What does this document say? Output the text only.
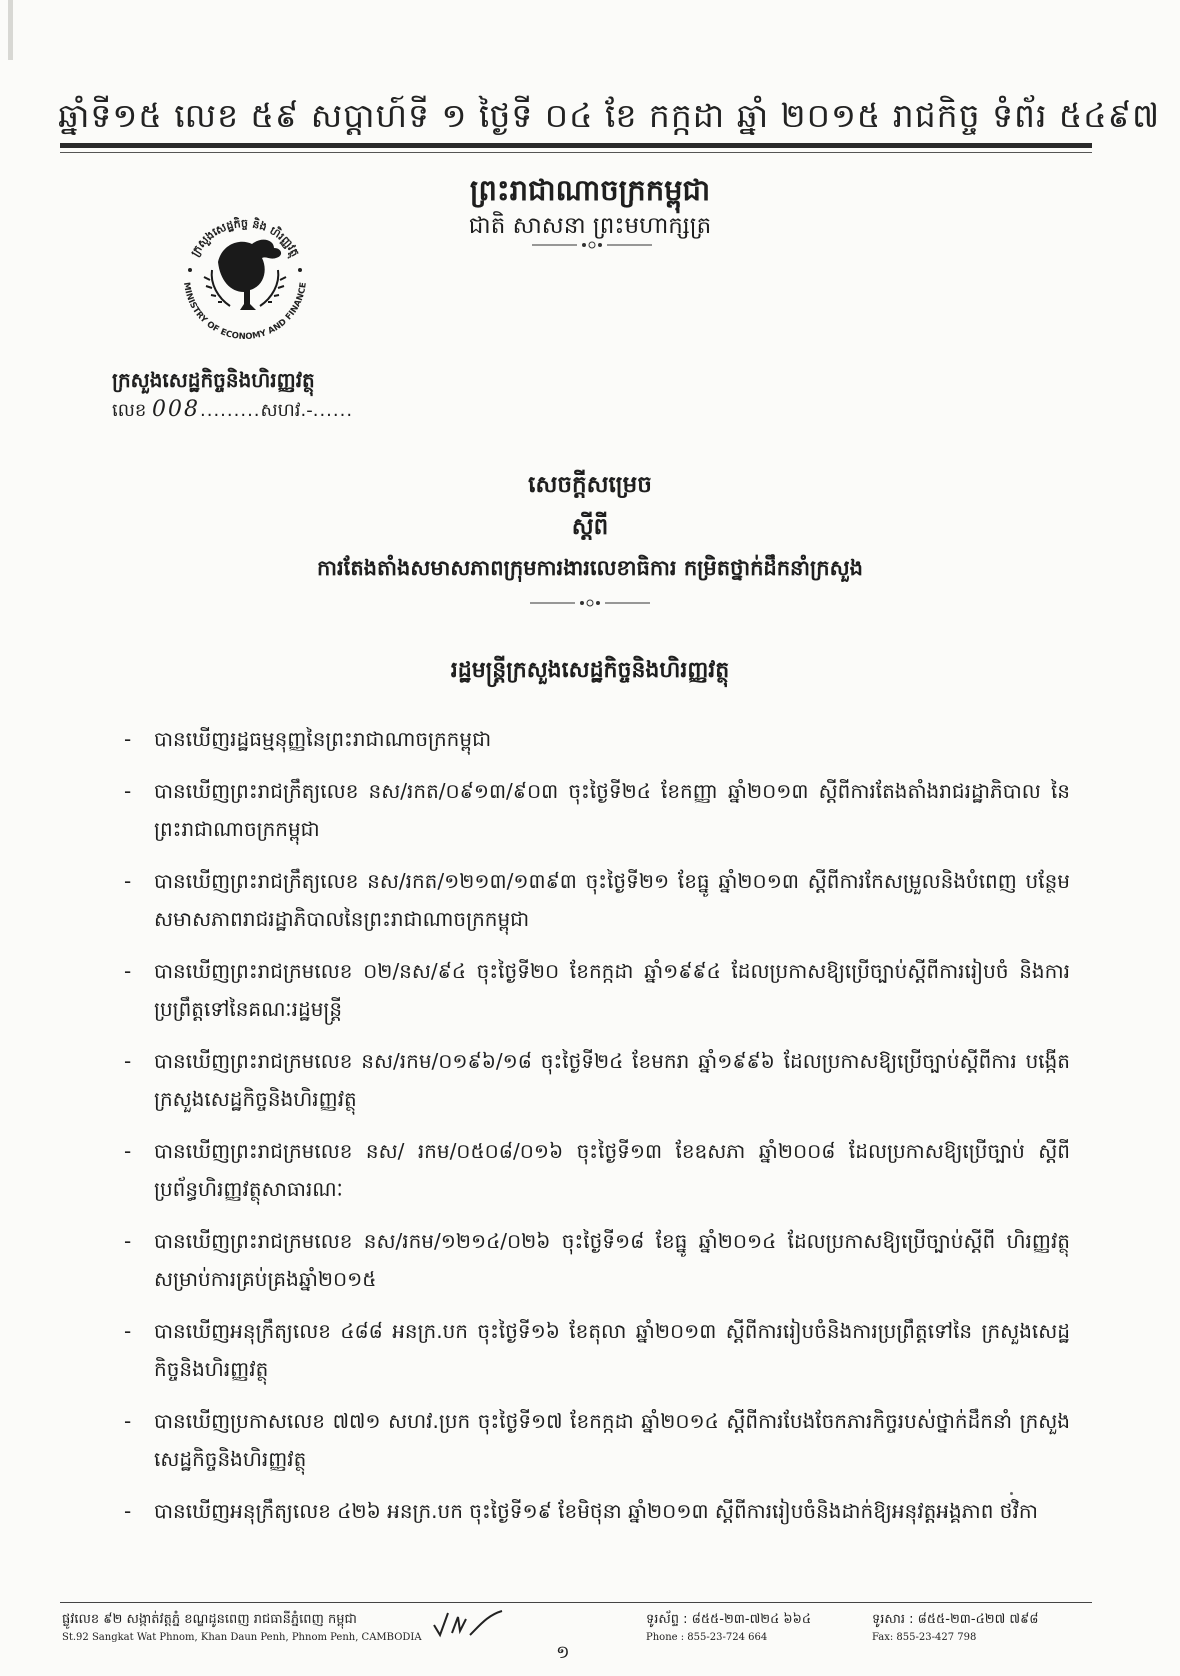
ឆ្នាំទី១៥ លេខ ៥៩ សប្តាហ៍ទី ១ ថ្ងៃទី ០៤ ខែ កក្កដា ឆ្នាំ ២០១៥ រាជកិច្ច ទំព័រ ៥៤៩៧
ព្រះរាជាណាចក្រកម្ពុជា
ជាតិ សាសនា ព្រះមហាក្សត្រ
ក្រសួងសេដ្ឋកិច្ច និង ហិរញ្ញវត្ថុ
MINISTRY OF ECONOMY AND FINANCE
ក្រសួងសេដ្ឋកិច្ចនិងហិរញ្ញវត្ថុ
លេខ 008.........សហវ.-......
សេចក្តីសម្រេច
ស្តីពី
ការតែងតាំងសមាសភាពក្រុមការងារលេខាធិការ កម្រិតថ្នាក់ដឹកនាំក្រសួង
រដ្ឋមន្ត្រីក្រសួងសេដ្ឋកិច្ចនិងហិរញ្ញវត្ថុ
- បានឃើញរដ្ឋធម្មនុញ្ញនៃព្រះរាជាណាចក្រកម្ពុជា
- បានឃើញព្រះរាជក្រឹត្យលេខ នស/រកត/០៩១៣/៩០៣ ចុះថ្ងៃទី២៤ ខែកញ្ញា ឆ្នាំ២០១៣ ស្តីពីការតែងតាំងរាជរដ្ឋាភិបាល នៃព្រះរាជាណាចក្រកម្ពុជា
- បានឃើញព្រះរាជក្រឹត្យលេខ នស/រកត/១២១៣/១៣៩៣ ចុះថ្ងៃទី២១ ខែធ្នូ ឆ្នាំ២០១៣ ស្តីពីការកែសម្រួលនិងបំពេញ បន្ថែមសមាសភាពរាជរដ្ឋាភិបាលនៃព្រះរាជាណាចក្រកម្ពុជា
- បានឃើញព្រះរាជក្រមលេខ ០២/នស/៩៤ ចុះថ្ងៃទី២០ ខែកក្កដា ឆ្នាំ១៩៩៤ ដែលប្រកាសឱ្យប្រើច្បាប់ស្តីពីការរៀបចំ និងការប្រព្រឹត្តទៅនៃគណៈរដ្ឋមន្ត្រី
- បានឃើញព្រះរាជក្រមលេខ នស/រកម/០១៩៦/១៨ ចុះថ្ងៃទី២៤ ខែមករា ឆ្នាំ១៩៩៦ ដែលប្រកាសឱ្យប្រើច្បាប់ស្តីពីការ បង្កើតក្រសួងសេដ្ឋកិច្ចនិងហិរញ្ញវត្ថុ
- បានឃើញព្រះរាជក្រមលេខ នស/ រកម/០៥០៨/០១៦ ចុះថ្ងៃទី១៣ ខែឧសភា ឆ្នាំ២០០៨ ដែលប្រកាសឱ្យប្រើច្បាប់ ស្តីពីប្រព័ន្ធហិរញ្ញវត្ថុសាធារណៈ
- បានឃើញព្រះរាជក្រមលេខ នស/រកម/១២១៤/០២៦ ចុះថ្ងៃទី១៨ ខែធ្នូ ឆ្នាំ២០១៤ ដែលប្រកាសឱ្យប្រើច្បាប់ស្តីពី ហិរញ្ញវត្ថុសម្រាប់ការគ្រប់គ្រងឆ្នាំ២០១៥
- បានឃើញអនុក្រឹត្យលេខ ៤៨៨ អនក្រ.បក ចុះថ្ងៃទី១៦ ខែតុលា ឆ្នាំ២០១៣ ស្តីពីការរៀបចំនិងការប្រព្រឹត្តទៅនៃ ក្រសួងសេដ្ឋកិច្ចនិងហិរញ្ញវត្ថុ
- បានឃើញប្រកាសលេខ ៧៧១ សហវ.ប្រក ចុះថ្ងៃទី១៧ ខែកក្កដា ឆ្នាំ២០១៤ ស្តីពីការបែងចែកភារកិច្ចរបស់ថ្នាក់ដឹកនាំ ក្រសួងសេដ្ឋកិច្ចនិងហិរញ្ញវត្ថុ
- បានឃើញអនុក្រឹត្យលេខ ៤២៦ អនក្រ.បក ចុះថ្ងៃទី១៩ ខែមិថុនា ឆ្នាំ២០១៣ ស្តីពីការរៀបចំនិងដាក់ឱ្យអនុវត្តអង្គភាព ថវិកា
ផ្លូវលេខ ៩២ សង្កាត់វត្តភ្នំ ខណ្ឌដូនពេញ រាជធានីភ្នំពេញ កម្ពុជា
St.92 Sangkat Wat Phnom, Khan Daun Penh, Phnom Penh, CAMBODIA
១
ទូរស័ព្ទ : ៨៥៥-២៣-៧២៤ ៦៦៤
Phone : 855-23-724 664
ទូរសារ : ៨៥៥-២៣-៤២៧ ៧៩៨
Fax: 855-23-427 798
